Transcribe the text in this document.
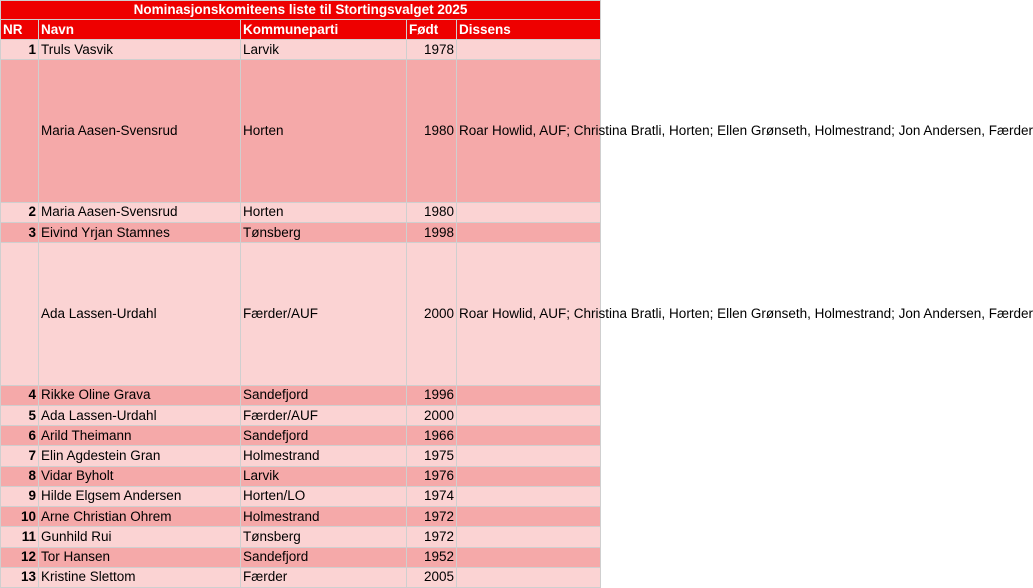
Nominasjonskomiteens liste til Stortingsvalget 2025				
NR	Navn	Kommuneparti	Født	Dissens
1	Truls Vasvik	Larvik	1978	
	Maria Aasen-Svensrud	Horten	1980	Roar Howlid, AUF; Christina Bratli, Horten; Ellen Grønseth, Holmestrand; Jon Andersen, Færder
2	Maria Aasen-Svensrud	Horten	1980	
3	Eivind Yrjan Stamnes	Tønsberg	1998	
	Ada Lassen-Urdahl	Færder/AUF	2000	Roar Howlid, AUF; Christina Bratli, Horten; Ellen Grønseth, Holmestrand; Jon Andersen, Færder
4	Rikke Oline Grava	Sandefjord	1996	
5	Ada Lassen-Urdahl	Færder/AUF	2000	
6	Arild Theimann	Sandefjord	1966	
7	Elin Agdestein Gran	Holmestrand	1975	
8	Vidar Byholt	Larvik	1976	
9	Hilde Elgsem Andersen	Horten/LO	1974	
10	Arne Christian Ohrem	Holmestrand	1972	
11	Gunhild Rui	Tønsberg	1972	
12	Tor Hansen	Sandefjord	1952	
13	Kristine Slettom	Færder	2005	
